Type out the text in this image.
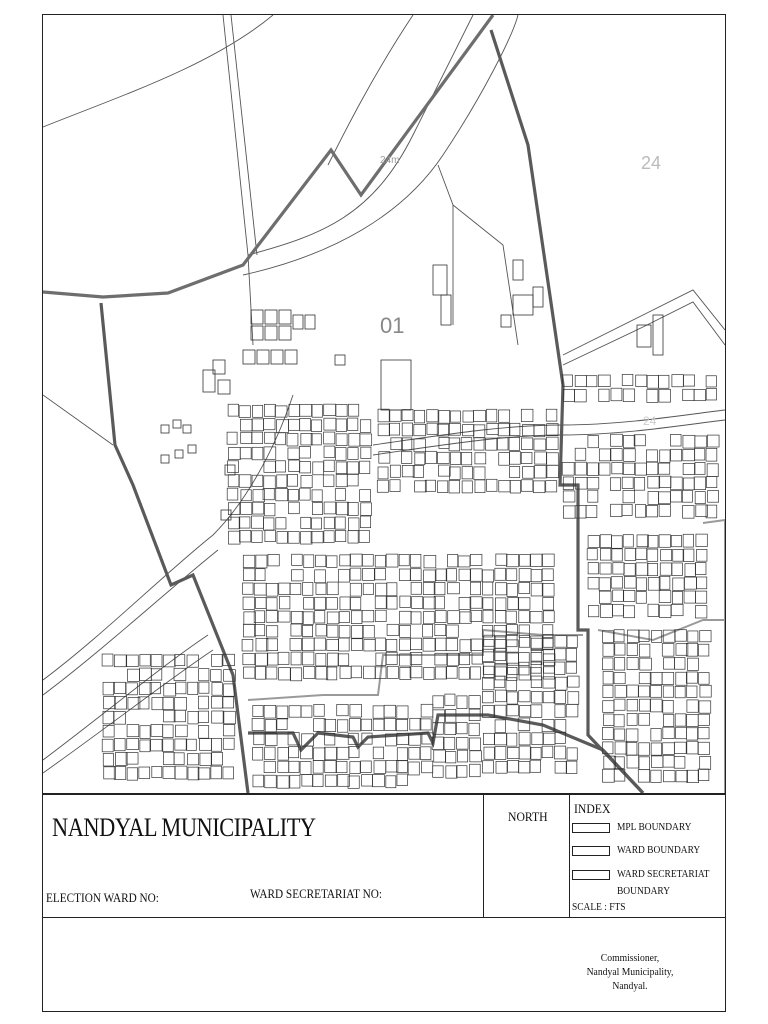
01
24
24
24m
NANDYAL MUNICIPALITY
ELECTION WARD NO:	WARD SECRETARIAT NO:
NORTH
INDEX
MPL BOUNDARY
WARD BOUNDARY
WARD SECRETARIAT
BOUNDARY
SCALE : FTS
Commissioner,
Nandyal Municipality,
Nandyal.
